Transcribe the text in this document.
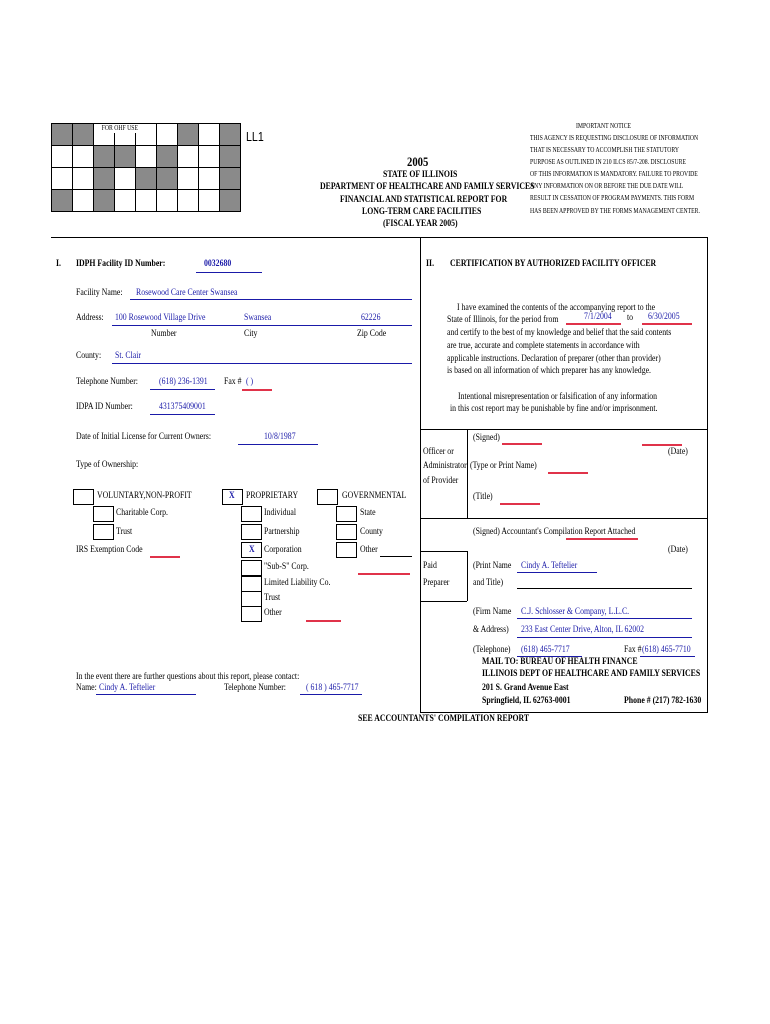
FOR OHF USE
LL1
2005
STATE OF ILLINOIS
DEPARTMENT OF HEALTHCARE AND FAMILY SERVICES
FINANCIAL AND STATISTICAL REPORT FOR
LONG-TERM CARE FACILITIES
(FISCAL YEAR 2005)
IMPORTANT NOTICE
THIS AGENCY IS REQUESTING DISCLOSURE OF INFORMATION
THAT IS NECESSARY TO ACCOMPLISH THE STATUTORY
PURPOSE AS OUTLINED IN 210 ILCS 85/7-208. DISCLOSURE
OF THIS INFORMATION IS MANDATORY. FAILURE TO PROVIDE
ANY INFORMATION ON OR BEFORE THE DUE DATE WILL
RESULT IN CESSATION OF PROGRAM PAYMENTS. THIS FORM
HAS BEEN APPROVED BY THE FORMS MANAGEMENT CENTER.
I. IDPH Facility ID Number:	0032680
Facility Name: Rosewood Care Center Swansea
Address: 100 Rosewood Village Drive	Swansea	62226
Number	City	Zip Code
County: St. Clair
Telephone Number: (618) 236-1391 Fax # ( )
IDPA ID Number:	431375409001
Date of Initial License for Current Owners:	10/8/1987
Type of Ownership:
VOLUNTARY,NON-PROFIT
Charitable Corp.
Trust
IRS Exemption Code
X PROPRIETARY
Individual
Partnership
X Corporation
"Sub-S" Corp.
Limited Liability Co.
Trust
Other
GOVERNMENTAL
State
County
Other
In the event there are further questions about this report, please contact:
Name: Cindy A. Teftelier	Telephone Number: ( 618 ) 465-7717
II. CERTIFICATION BY AUTHORIZED FACILITY OFFICER
I have examined the contents of the accompanying report to the
State of Illinois, for the period from	7/1/2004 to 6/30/2005
and certify to the best of my knowledge and belief that the said contents
are true, accurate and complete statements in accordance with
applicable instructions. Declaration of preparer (other than provider)
is based on all information of which preparer has any knowledge.
Intentional misrepresentation or falsification of any information
in this cost report may be punishable by fine and/or imprisonment.
Officer or
Administrator
of Provider
(Signed)
(Date)
(Type or Print Name)
(Title)
(Signed) Accountant's Compilation Report Attached
(Date)
Paid
Preparer
(Print Name Cindy A. Teftelier
and Title)
(Firm Name C.J. Schlosser & Company, L.L.C.
& Address) 233 East Center Drive, Alton, IL 62002
(Telephone) (618) 465-7717	Fax # (618) 465-7710
MAIL TO: BUREAU OF HEALTH FINANCE
ILLINOIS DEPT OF HEALTHCARE AND FAMILY SERVICES
201 S. Grand Avenue East
Springfield, IL 62763-0001	Phone # (217) 782-1630
SEE ACCOUNTANTS' COMPILATION REPORT
